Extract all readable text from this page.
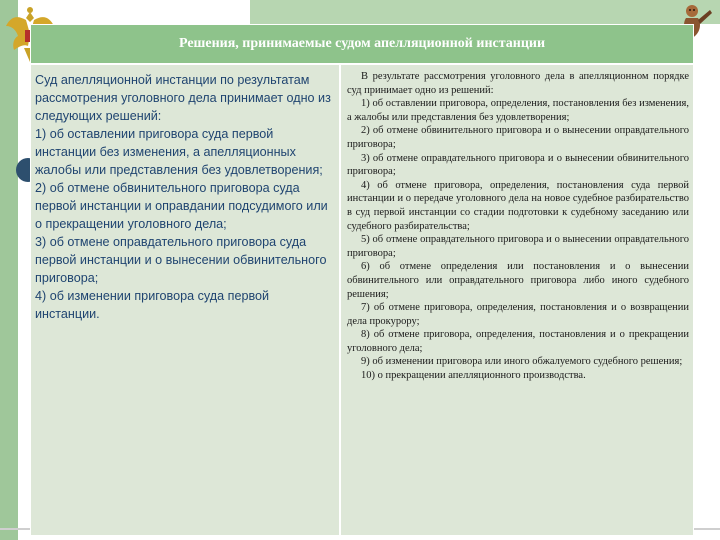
Решения, принимаемые судом апелляционной инстанции

Суд апелляционной инстанции по результатам рассмотрения уголовного дела принимает одно из следующих решений:

1) об оставлении приговора суда первой инстанции без изменения, а апелляционных жалобы или представления без удовлетворения;

2) об отмене обвинительного приговора суда первой инстанции и оправдании подсудимого или о прекращении уголовного дела;

3) об отмене оправдательного приговора суда первой инстанции и о вынесении обвинительного приговора;

4) об изменении приговора суда первой инстанции.

В результате рассмотрения уголовного дела в апелляционном порядке суд принимает одно из решений:

1) об оставлении приговора, определения, постановления без изменения, а жалобы или представления без удовлетворения;

2) об отмене обвинительного приговора и о вынесении оправдательного приговора;

3) об отмене оправдательного приговора и о вынесении обвинительного приговора;

4) об отмене приговора, определения, постановления суда первой инстанции и о передаче уголовного дела на новое судебное разбирательство в суд первой инстанции со стадии подготовки к судебному заседанию или судебного разбирательства;

5) об отмене оправдательного приговора и о вынесении оправдательного приговора;

6) об отмене определения или постановления и о вынесении обвинительного или оправдательного приговора либо иного судебного решения;

7) об отмене приговора, определения, постановления и о возвращении дела прокурору;

8) об отмене приговора, определения, постановления и о прекращении уголовного дела;

9) об изменении приговора или иного обжалуемого судебного решения;

10) о прекращении апелляционного производства.
